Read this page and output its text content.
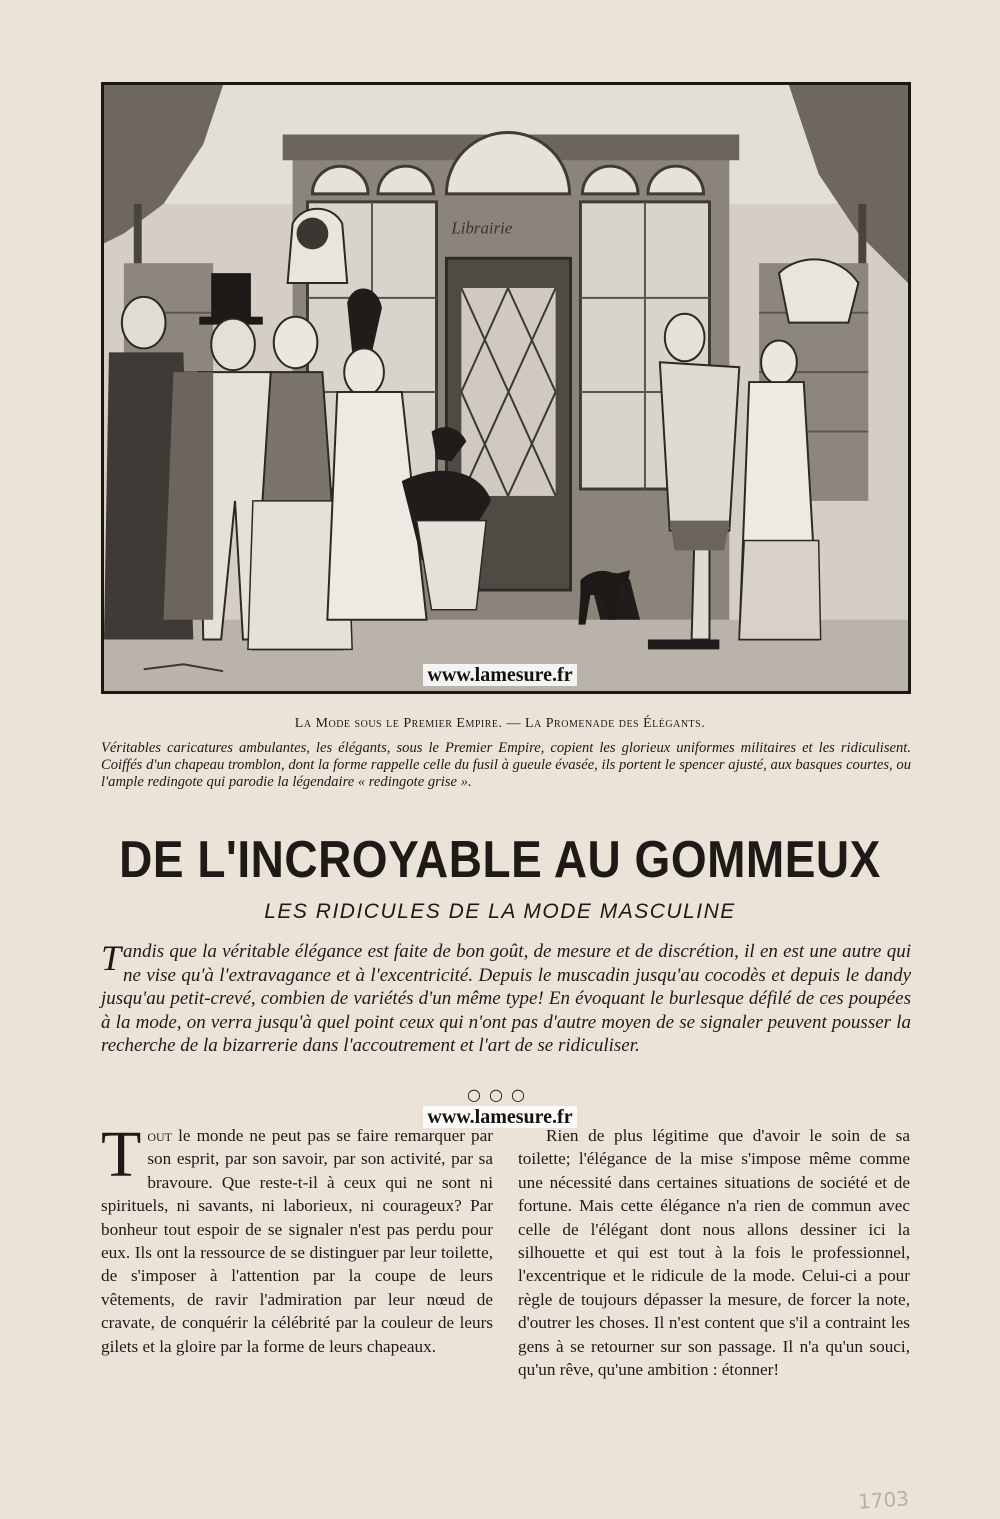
Librairie
www.lamesure.fr
La Mode sous le Premier Empire. — La Promenade des Élégants.
Véritables caricatures ambulantes, les élégants, sous le Premier Empire, copient les glorieux uniformes militaires et les ridiculisent. Coiffés d'un chapeau tromblon, dont la forme rappelle celle du fusil à gueule évasée, ils portent le spencer ajusté, aux basques courtes, ou l'ample redingote qui parodie la légendaire « redingote grise ».
DE L'INCROYABLE AU GOMMEUX
LES RIDICULES DE LA MODE MASCULINE
Tandis que la véritable élégance est faite de bon goût, de mesure et de discrétion, il en est une autre qui ne vise qu'à l'extravagance et à l'excentricité. Depuis le muscadin jusqu'au cocodès et depuis le dandy jusqu'au petit-crevé, combien de variétés d'un même type! En évoquant le burlesque défilé de ces poupées à la mode, on verra jusqu'à quel point ceux qui n'ont pas d'autre moyen de se signaler peuvent pousser la recherche de la bizarrerie dans l'accoutrement et l'art de se ridiculiser.
○○○
www.lamesure.fr

Tout le monde ne peut pas se faire remarquer par son esprit, par son savoir, par son activité, par sa bravoure. Que reste-t-il à ceux qui ne sont ni spirituels, ni savants, ni laborieux, ni courageux? Par bonheur tout espoir de se signaler n'est pas perdu pour eux. Ils ont la ressource de se distinguer par leur toilette, de s'imposer à l'attention par la coupe de leurs vêtements, de ravir l'admiration par leur nœud de cravate, de conquérir la célébrité par la couleur de leurs gilets et la gloire par la forme de leurs chapeaux.

Rien de plus légitime que d'avoir le soin de sa toilette; l'élégance de la mise s'impose même comme une nécessité dans certaines situations de société et de fortune. Mais cette élégance n'a rien de commun avec celle de l'élégant dont nous allons dessiner ici la silhouette et qui est tout à la fois le professionnel, l'excentrique et le ridicule de la mode. Celui-ci a pour règle de toujours dépasser la mesure, de forcer la note, d'outrer les choses. Il n'est content que s'il a contraint les gens à se retourner sur son passage. Il n'a qu'un souci, qu'un rêve, qu'une ambition : étonner!

1703
